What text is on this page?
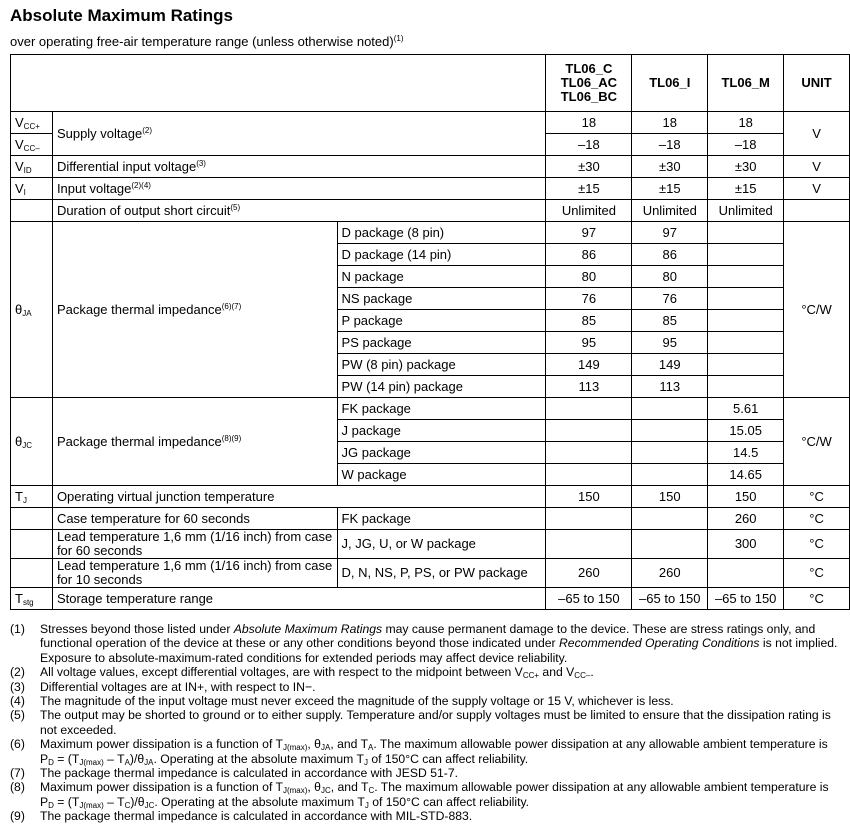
Absolute Maximum Ratings
over operating free-air temperature range (unless otherwise noted)$^{(1)}$
			TL06_C
TL06_AC
TL06_BC	TL06_I	TL06_M	UNIT
$V_{CC+}$	Supply voltage$^{(2)}$		18	18	18	V
$V_{CC-}$			–18	–18	–18	
$V_{ID}$	Differential input voltage$^{(3)}$		±30	±30	±30	V
$V_I$	Input voltage$^{(2)(4)}$		±15	±15	±15	V
	Duration of output short circuit$^{(5)}$		Unlimited	Unlimited	Unlimited	
$\theta_{JA}$	Package thermal impedance$^{(6)(7)}$	D package (8 pin)	97	97		°C/W
		D package (14 pin)	86	86		
		N package	80	80		
		NS package	76	76		
		P package	85	85		
		PS package	95	95		
		PW (8 pin) package	149	149		
		PW (14 pin) package	113	113		
$\theta_{JC}$	Package thermal impedance$^{(8)(9)}$	FK package			5.61	°C/W
		J package			15.05	
		JG package			14.5	
		W package			14.65	
$T_J$	Operating virtual junction temperature		150	150	150	°C
	Case temperature for 60 seconds	FK package			260	°C
	Lead temperature 1,6 mm (1/16 inch) from case for 60 seconds	J, JG, U, or W package			300	°C
	Lead temperature 1,6 mm (1/16 inch) from case for 10 seconds	D, N, NS, P, PS, or PW package	260	260		°C
$T_{stg}$	Storage temperature range		–65 to 150	–65 to 150	–65 to 150	°C
(1) Stresses beyond those listed under Absolute Maximum Ratings may cause permanent damage to the device. These are stress ratings only, and functional operation of the device at these or any other conditions beyond those indicated under Recommended Operating Conditions is not implied. Exposure to absolute-maximum-rated conditions for extended periods may affect device reliability.
(2) All voltage values, except differential voltages, are with respect to the midpoint between $V_{CC+}$ and $V_{CC-}$.
(3) Differential voltages are at IN+, with respect to IN−.
(4) The magnitude of the input voltage must never exceed the magnitude of the supply voltage or 15 V, whichever is less.
(5) The output may be shorted to ground or to either supply. Temperature and/or supply voltages must be limited to ensure that the dissipation rating is not exceeded.
(6) Maximum power dissipation is a function of $T_{J(max)}$, $\theta_{JA}$, and $T_A$. The maximum allowable power dissipation at any allowable ambient temperature is $P_D = (T_{J(max)} - T_A)/\theta_{JA}$. Operating at the absolute maximum $T_J$ of 150°C can affect reliability.
(7) The package thermal impedance is calculated in accordance with JESD 51-7.
(8) Maximum power dissipation is a function of $T_{J(max)}$, $\theta_{JC}$, and $T_C$. The maximum allowable power dissipation at any allowable ambient temperature is $P_D = (T_{J(max)} - T_C)/\theta_{JC}$. Operating at the absolute maximum $T_J$ of 150°C can affect reliability.
(9) The package thermal impedance is calculated in accordance with MIL-STD-883.
